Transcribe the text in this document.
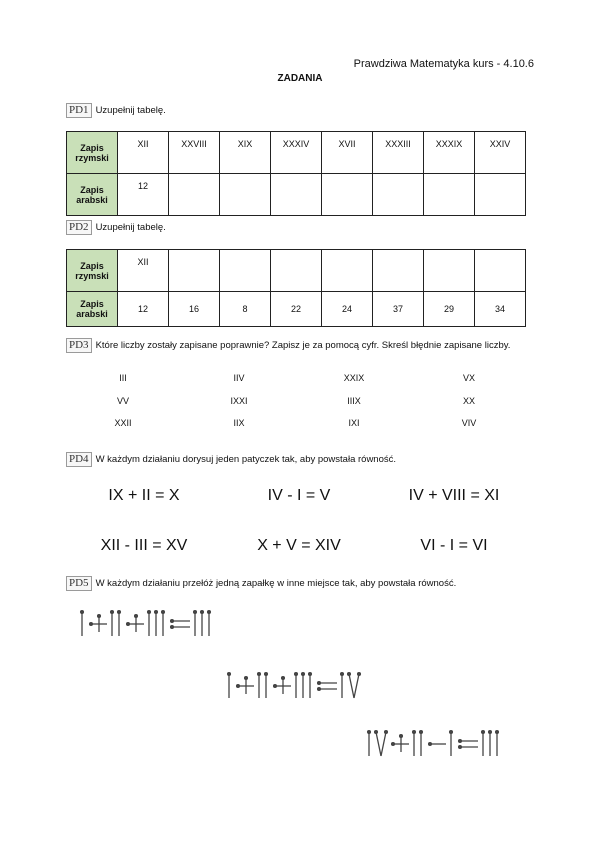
Prawdziwa Matematyka kurs - 4.10.6
ZADANIA
PD1 Uzupełnij tabelę.
Zapis rzymski	XII	XXVIII	XIX	XXXIV	XVII	XXXIII	XXXIX	XXIV
Zapis arabski	12							
PD2 Uzupełnij tabelę.
Zapis rzymski	XII							
Zapis arabski	12	16	8	22	24	37	29	34
PD3 Które liczby zostały zapisane poprawnie? Zapisz je za pomocą cyfr. Skreśl błędnie zapisane liczby.
III	IIV	XXIX	VX
VV	IXXI	IIIX	XX
XXII	IIX	IXI	VIV
PD4 W każdym działaniu dorysuj jeden patyczek tak, aby powstała równość.
IX + II = X	IV - I = V	IV + VIII = XI
XII - III = XV	X + V = XIV	VI - I = VI
PD5 W każdym działaniu przełóż jedną zapałkę w inne miejsce tak, aby powstała równość.
